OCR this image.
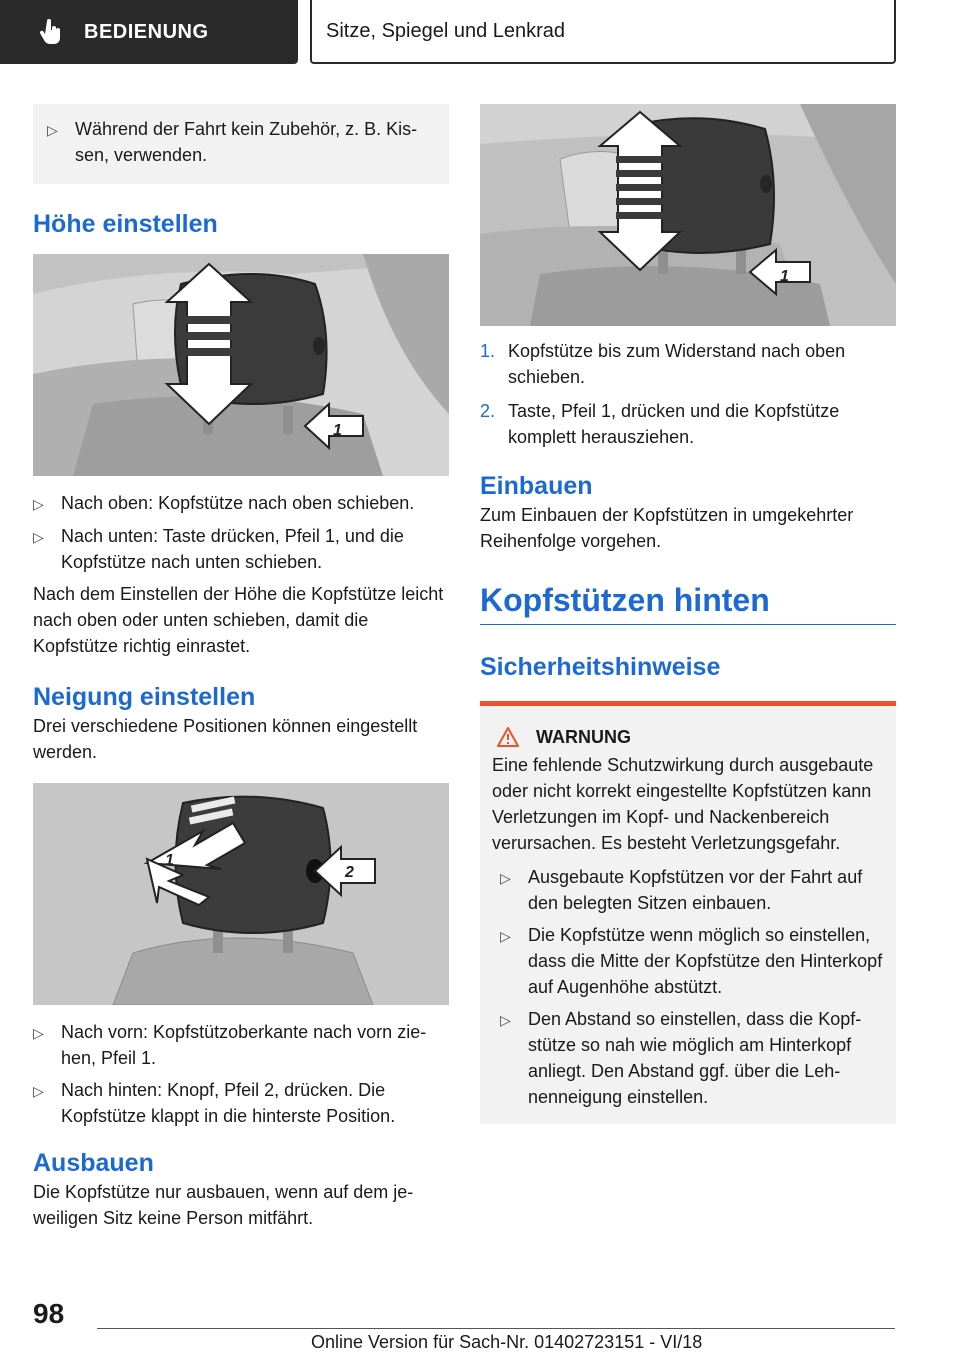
BEDIENUNG	Sitze, Spiegel und Lenkrad
▷ Während der Fahrt kein Zubehör, z. B. Kissen, verwenden.
Höhe einstellen
1
▷ Nach oben: Kopfstütze nach oben schieben.
▷ Nach unten: Taste drücken, Pfeil 1, und die Kopfstütze nach unten schieben.

Nach dem Einstellen der Höhe die Kopfstütze leicht nach oben oder unten schieben, damit die Kopfstütze richtig einrastet.

Neigung einstellen

Drei verschiedene Positionen können eingestellt werden.

1
2
▷ Nach vorn: Kopfstützoberkante nach vorn ziehen, Pfeil 1.
▷ Nach hinten: Knopf, Pfeil 2, drücken. Die Kopfstütze klappt in die hinterste Position.
Ausbauen

Die Kopfstütze nur ausbauen, wenn auf dem jeweiligen Sitz keine Person mitfährt.

1
1. Kopfstütze bis zum Widerstand nach oben schieben.
2. Taste, Pfeil 1, drücken und die Kopfstütze komplett herausziehen.
Einbauen

Zum Einbauen der Kopfstützen in umgekehrter Reihenfolge vorgehen.

Kopfstützen hinten
Sicherheitshinweise
WARNUNG

Eine fehlende Schutzwirkung durch ausgebaute oder nicht korrekt eingestellte Kopfstützen kann Verletzungen im Kopf- und Nackenbereich verursachen. Es besteht Verletzungsgefahr.

▷ Ausgebaute Kopfstützen vor der Fahrt auf den belegten Sitzen einbauen.
▷ Die Kopfstütze wenn möglich so einstellen, dass die Mitte der Kopfstütze den Hinterkopf auf Augenhöhe abstützt.
▷ Den Abstand so einstellen, dass die Kopfstütze so nah wie möglich am Hinterkopf anliegt. Den Abstand ggf. über die Lehnenneigung einstellen.
98
Online Version für Sach-Nr. 01402723151 - VI/18
